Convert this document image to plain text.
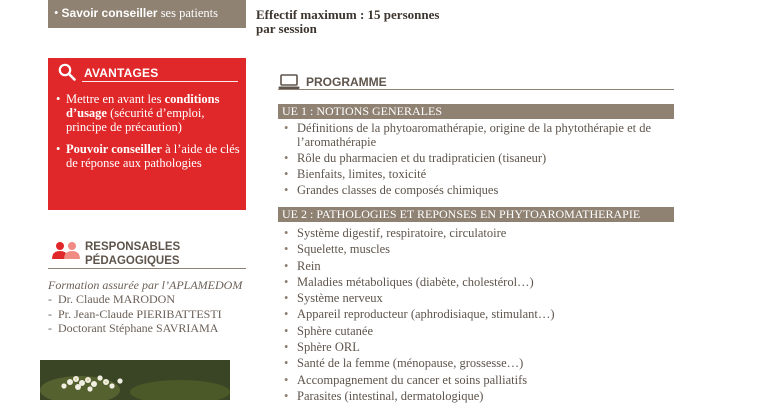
• Savoir conseiller ses patients	Effectif maximum : 15 personnes
par session
AVANTAGES
• Mettre en avant les conditions d’usage (sécurité d’emploi, principe de précaution)
• Pouvoir conseiller à l’aide de clés de réponse aux pathologies
RESPONSABLES
PÉDAGOGIQUES
Formation assurée par l’APLAMEDOM
-  Dr. Claude MARODON
-  Pr. Jean-Claude PIERIBATTESTI
-  Doctorant Stéphane SAVRIAMA
PROGRAMME
UE 1 : NOTIONS GENERALES
• Définitions de la phytoaromathérapie, origine de la phytothérapie et de l’aromathérapie
• Rôle du pharmacien et du tradipraticien (tisaneur)
• Bienfaits, limites, toxicité
• Grandes classes de composés chimiques
UE 2 : PATHOLOGIES ET REPONSES EN PHYTOAROMATHERAPIE
• Système digestif, respiratoire, circulatoire
• Squelette, muscles
• Rein
• Maladies métaboliques (diabète, cholestérol…)
• Système nerveux
• Appareil reproducteur (aphrodisiaque, stimulant…)
• Sphère cutanée
• Sphère ORL
• Santé de la femme (ménopause, grossesse…)
• Accompagnement du cancer et soins palliatifs
• Parasites (intestinal, dermatologique)
